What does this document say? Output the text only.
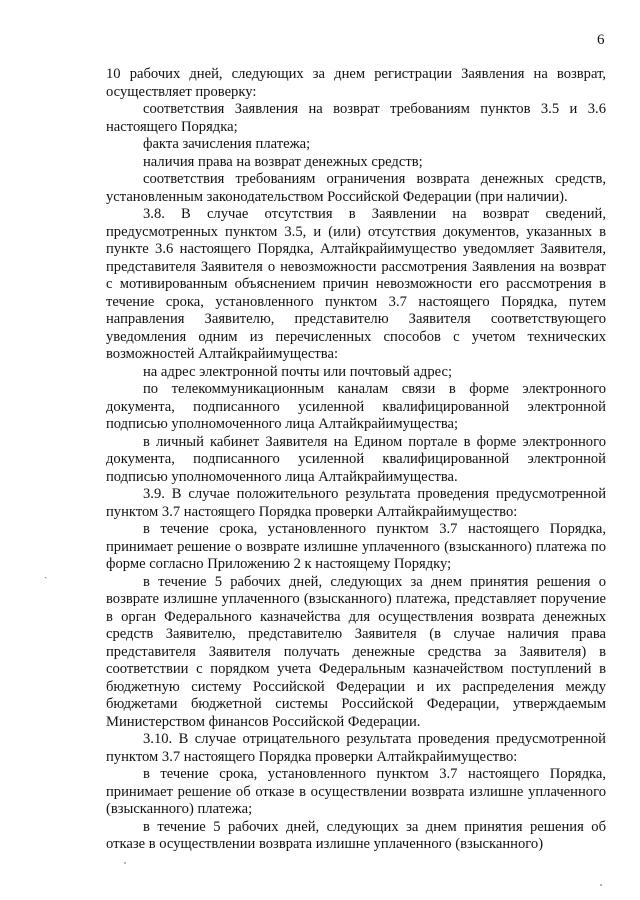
6

10 рабочих дней, следующих за днем регистрации Заявления на возврат, осуществляет проверку:

соответствия Заявления на возврат требованиям пунктов 3.5 и 3.6 настоящего Порядка;

факта зачисления платежа;

наличия права на возврат денежных средств;

соответствия требованиям ограничения возврата денежных средств, установленным законодательством Российской Федерации (при наличии).

3.8. В случае отсутствия в Заявлении на возврат сведений, предусмотренных пунктом 3.5, и (или) отсутствия документов, указанных в пункте 3.6 настоящего Порядка, Алтайкрайимущество уведомляет Заявителя, представителя Заявителя о невозможности рассмотрения Заявления на возврат с мотивированным объяснением причин невозможности его рассмотрения в течение срока, установленного пунктом 3.7 настоящего Порядка, путем направления Заявителю, представителю Заявителя соответствующего уведомления одним из перечисленных способов с учетом технических возможностей Алтайкрайимущества:

на адрес электронной почты или почтовый адрес;

по телекоммуникационным каналам связи в форме электронного документа, подписанного усиленной квалифицированной электронной подписью уполномоченного лица Алтайкрайимущества;

в личный кабинет Заявителя на Едином портале в форме электронного документа, подписанного усиленной квалифицированной электронной подписью уполномоченного лица Алтайкрайимущества.

3.9. В случае положительного результата проведения предусмотренной пунктом 3.7 настоящего Порядка проверки Алтайкрайимущество:

в течение срока, установленного пунктом 3.7 настоящего Порядка, принимает решение о возврате излишне уплаченного (взысканного) платежа по форме согласно Приложению 2 к настоящему Порядку;

в течение 5 рабочих дней, следующих за днем принятия решения о возврате излишне уплаченного (взысканного) платежа, представляет поручение в орган Федерального казначейства для осуществления возврата денежных средств Заявителю, представителю Заявителя (в случае наличия права представителя Заявителя получать денежные средства за Заявителя) в соответствии с порядком учета Федеральным казначейством поступлений в бюджетную систему Российской Федерации и их распределения между бюджетами бюджетной системы Российской Федерации, утверждаемым Министерством финансов Российской Федерации.

3.10. В случае отрицательного результата проведения предусмотренной пунктом 3.7 настоящего Порядка проверки Алтайкрайимущество:

в течение срока, установленного пунктом 3.7 настоящего Порядка, принимает решение об отказе в осуществлении возврата излишне уплаченного (взысканного) платежа;

в течение 5 рабочих дней, следующих за днем принятия решения об отказе в осуществлении возврата излишне уплаченного (взысканного)

ˎ
